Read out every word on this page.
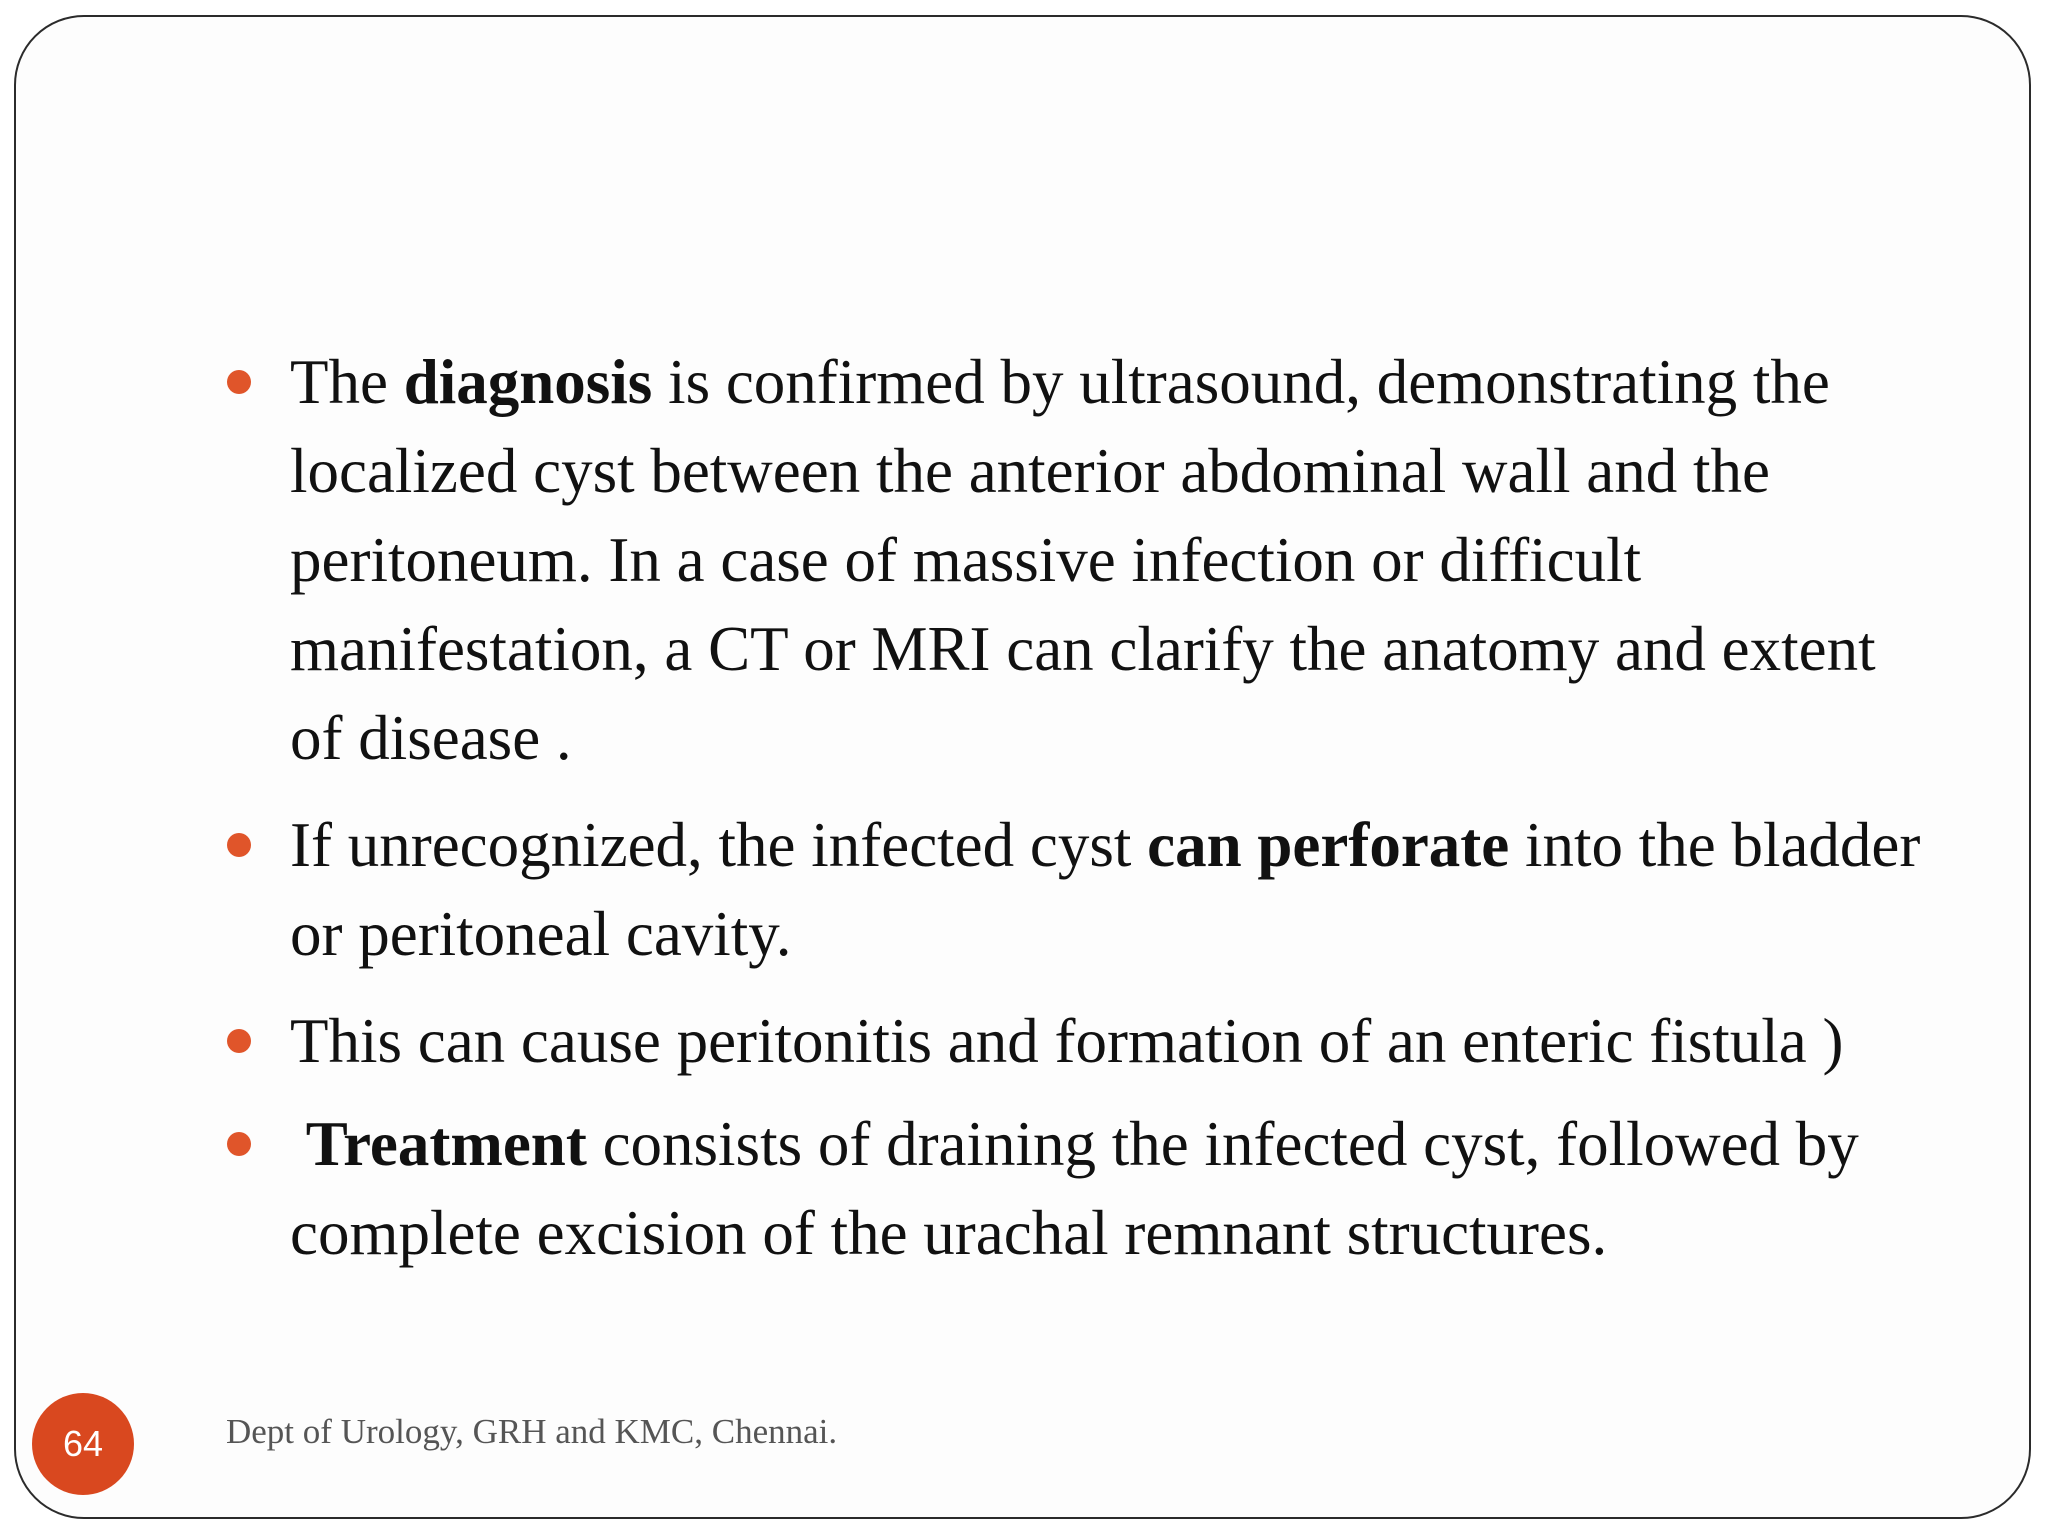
The diagnosis is confirmed by ultrasound, demonstrating the localized cyst between the anterior abdominal wall and the peritoneum. In a case of massive infection or difficult manifestation, a CT or MRI can clarify the anatomy and extent of disease .
If unrecognized, the infected cyst can perforate into the bladder or peritoneal cavity.
This can cause peritonitis and formation of an enteric fistula )
Treatment consists of draining the infected cyst, followed by complete excision of the urachal remnant structures.
64	Dept of Urology, GRH and KMC, Chennai.
